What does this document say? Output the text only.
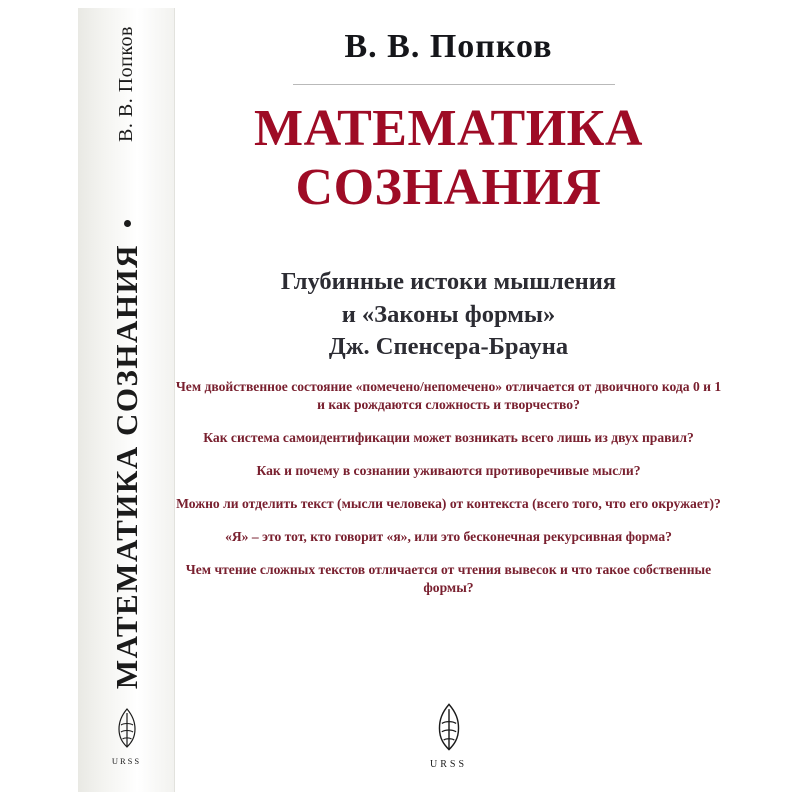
В. В. Попков
МАТЕМАТИКА СОЗНАНИЯ
URSS
В. В. Попков
МАТЕМАТИКА
СОЗНАНИЯ
Глубинные истоки мышления
и «Законы формы»
Дж. Спенсера-Брауна
Чем двойственное состояние «помечено/непомечено» отличается от двоичного кода 0 и 1 и как рождаются сложность и творчество?
Как система самоидентификации может возникать всего лишь из двух правил?
Как и почему в сознании уживаются противоречивые мысли?
Можно ли отделить текст (мысли человека) от контекста (всего того, что его окружает)?
«Я» – это тот, кто говорит «я», или это бесконечная рекурсивная форма?
Чем чтение сложных текстов отличается от чтения вывесок и что такое собственные формы?
URSS
